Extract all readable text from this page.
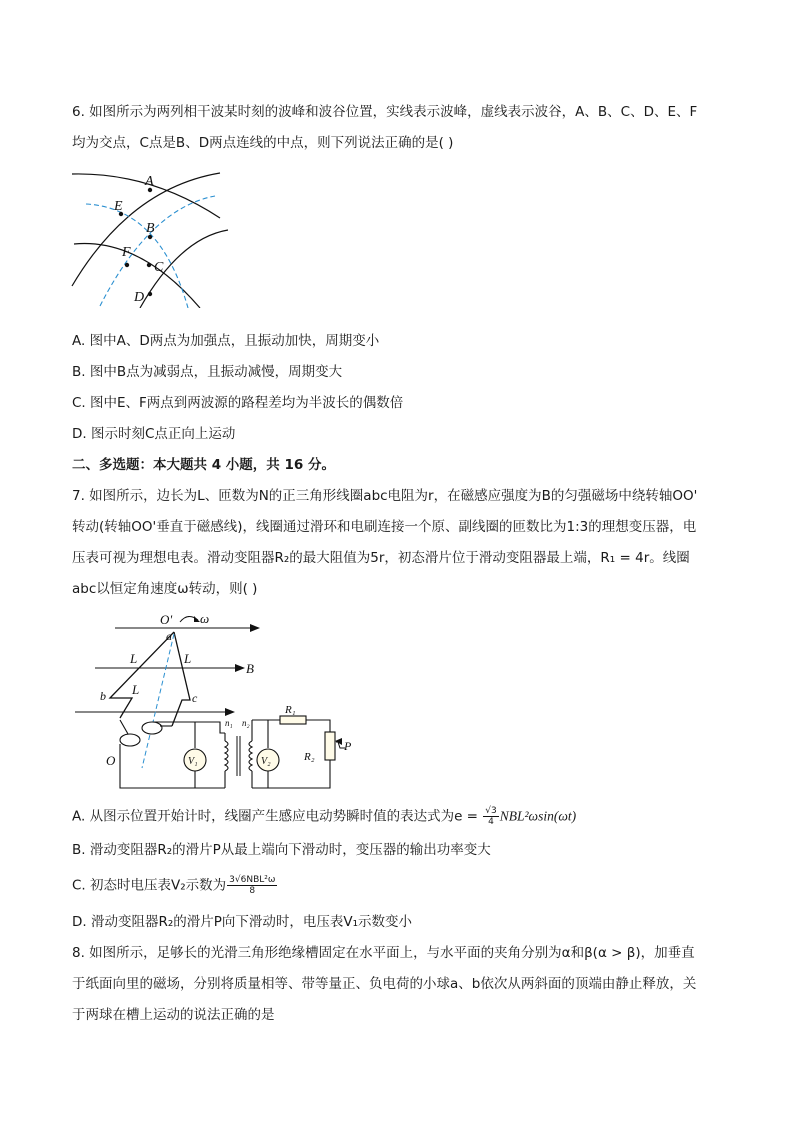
6. 如图所示为两列相干波某时刻的波峰和波谷位置，实线表示波峰，虚线表示波谷，A、B、C、D、E、F
均为交点，C点是B、D两点连线的中点，则下列说法正确的是( )
A
E
B
F
C
D
A. 图中A、D两点为加强点，且振动加快，周期变小
B. 图中B点为减弱点，且振动减慢，周期变大
C. 图中E、F两点到两波源的路程差均为半波长的偶数倍
D. 图示时刻C点正向上运动
二、多选题：本大题共 4 小题，共 16 分。
7. 如图所示，边长为L、匝数为N的正三角形线圈abc电阻为r，在磁感应强度为B的匀强磁场中绕转轴OO'
转动(转轴OO'垂直于磁感线)，线圈通过滑环和电刷连接一个原、副线圈的匝数比为1:3的理想变压器，电
压表可视为理想电表。滑动变阻器R₂的最大阻值为5r，初态滑片位于滑动变阻器最上端，R₁ = 4r。线圈
abc以恒定角速度ω转动，则( )
O' ω
a
L	L
L
B
b	c
O
n₁ n₂
R₁
R₂
P
V₁	V₂
A. 从图示位置开始计时，线圈产生感应电动势瞬时值的表达式为$e = \frac{√3}{4} NBL^2\omega\sin(\omega t)$
B. 滑动变阻器R₂的滑片P从最上端向下滑动时，变压器的输出功率变大
C. 初态时电压表V₂示数为 $\frac{\text{3√6NBL²ω}}{8}$
D. 滑动变阻器R₂的滑片P向下滑动时，电压表V₁示数变小
8. 如图所示，足够长的光滑三角形绝缘槽固定在水平面上，与水平面的夹角分别为α和β(α > β)，加垂直
于纸面向里的磁场，分别将质量相等、带等量正、负电荷的小球a、b依次从两斜面的顶端由静止释放，关
于两球在槽上运动的说法正确的是
